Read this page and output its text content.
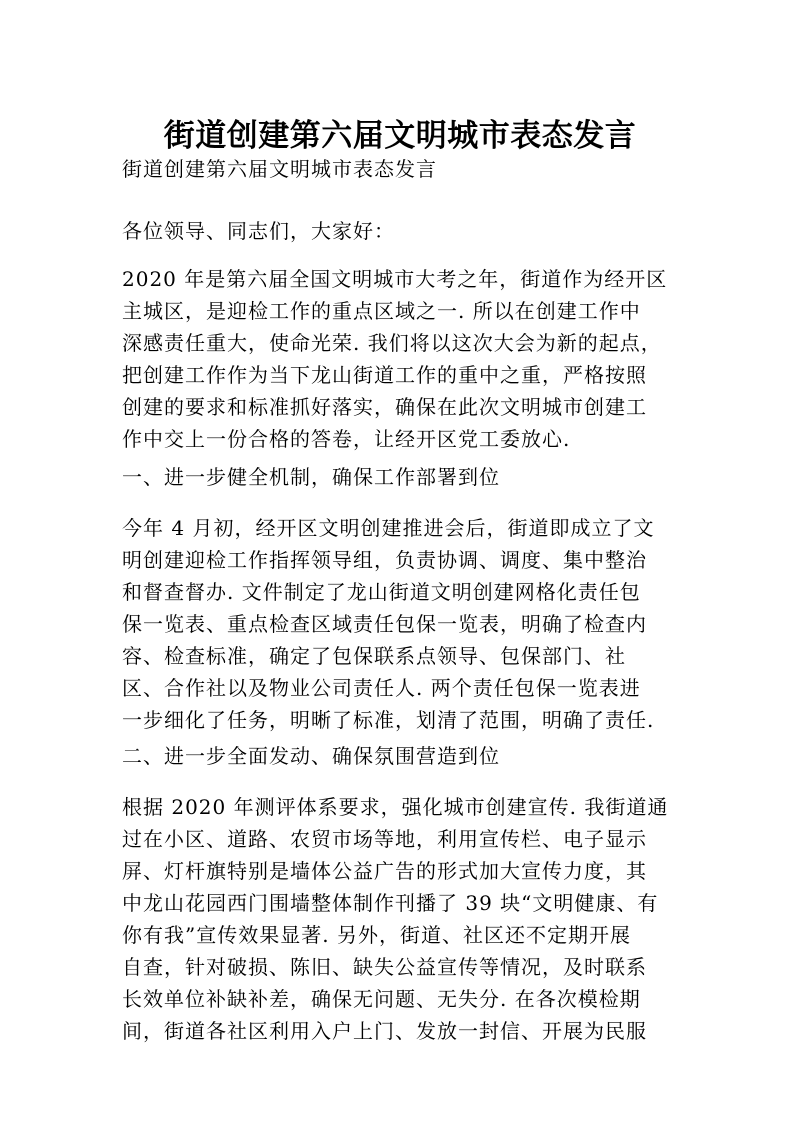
街道创建第六届文明城市表态发言

街道创建第六届文明城市表态发言

各位领导、同志们，大家好：

2020 年是第六届全国文明城市大考之年，街道作为经开区
主城区，是迎检工作的重点区域之一. 所以在创建工作中
深感责任重大，使命光荣. 我们将以这次大会为新的起点，
把创建工作作为当下龙山街道工作的重中之重，严格按照
创建的要求和标准抓好落实，确保在此次文明城市创建工
作中交上一份合格的答卷，让经开区党工委放心.

一、进一步健全机制，确保工作部署到位

今年 4 月初，经开区文明创建推进会后，街道即成立了文
明创建迎检工作指挥领导组，负责协调、调度、集中整治
和督查督办. 文件制定了龙山街道文明创建网格化责任包
保一览表、重点检查区域责任包保一览表，明确了检查内
容、检查标准，确定了包保联系点领导、包保部门、社
区、合作社以及物业公司责任人. 两个责任包保一览表进
一步细化了任务，明晰了标准，划清了范围，明确了责任.

二、进一步全面发动、确保氛围营造到位

根据 2020 年测评体系要求，强化城市创建宣传. 我街道通
过在小区、道路、农贸市场等地，利用宣传栏、电子显示
屏、灯杆旗特别是墙体公益广告的形式加大宣传力度，其
中龙山花园西门围墙整体制作刊播了 39 块“文明健康、有
你有我”宣传效果显著. 另外，街道、社区还不定期开展
自查，针对破损、陈旧、缺失公益宣传等情况，及时联系
长效单位补缺补差，确保无问题、无失分. 在各次模检期
间，街道各社区利用入户上门、发放一封信、开展为民服
